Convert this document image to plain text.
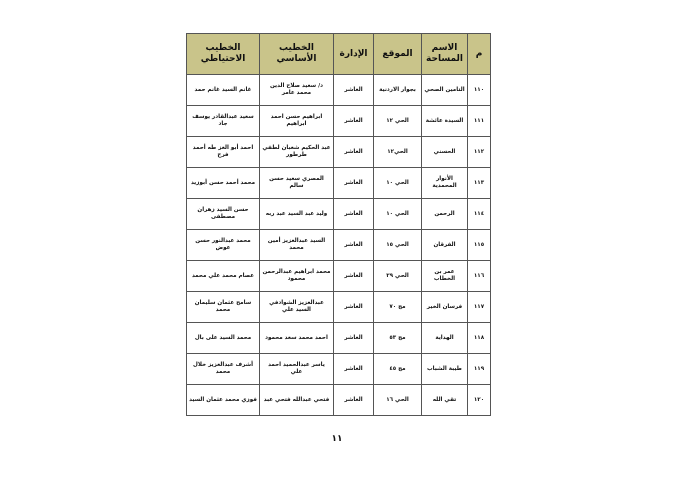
م	الاسم المساحة	الموقع	الإدارة	الخطيب الأساسي	الخطيب الاحتياطي
١١٠	التامين الصحي	بجوار الاردنية	العاشر	د/ سعيد صلاح الدين محمد عامر	غانم السيد غانم حمد
١١١	السيدة عائشة	الحي ١٢	العاشر	ابراهيم حسن احمد ابراهيم	سعيد عبدالقادر يوسف جاد
١١٢	الحسني	الحي١٢	العاشر	عبد الحكيم شعبان لطفي طرطور	احمد أبو العز طه أحمد فرج
١١٣	الأنوار المحمدية	الحي ١٠	العاشر	المصري سعيد حسن سالم	محمد أحمد حسن أبوزيد
١١٤	الرحمن	الحي ١٠	العاشر	وليد عبد السيد عبد ربه	حسن السيد زهران مصطفى
١١٥	الفرقان	الحي ١٥	العاشر	السيد عبدالعزيز أمين محمد	محمد عبدالنور حسن عوض
١١٦	عمر بن الخطاب	الحي ٢٩	العاشر	محمد ابراهيم عبدالرحمن محمود	عصام محمد علي محمد
١١٧	فرسان الخير	مج ٧٠	العاشر	عبدالعزيز الشوادفي السيد علي	سامح عثمان سليمان محمد
١١٨	الهداية	مج ٥٣	العاشر	احمد محمد سعد محمود	محمد السيد على بال
١١٩	طيبة الشباب	مج ٤٥	العاشر	ياسر عبدالحميد احمد علي	أشرف عبدالعزيز خلال محمد
١٢٠	تقي الله	الحي ١٦	العاشر	فتحي عبدالله فتحي عبد	فوزي محمد عثمان السيد
١١
